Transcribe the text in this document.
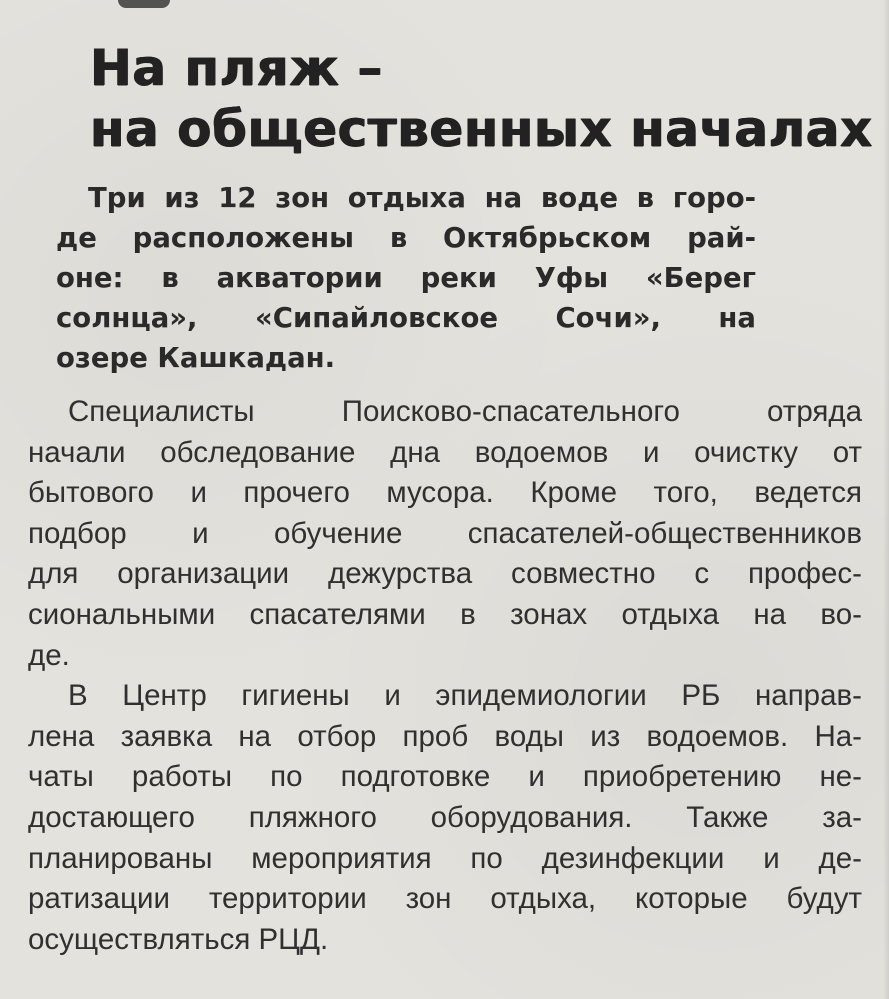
На пляж –
на общественных началах
Три из 12 зон отдыха на воде в горо-
де расположены в Октябрьском рай-
оне: в акватории реки Уфы «Берег
солнца», «Сипайловское Сочи», на
озере Кашкадан.

Специалисты Поисково-спасательного отряда
начали обследование дна водоемов и очистку от
бытового и прочего мусора. Кроме того, ведется
подбор и обучение спасателей-общественников
для организации дежурства совместно с профес-
сиональными спасателями в зонах отдыха на во-
де.

В Центр гигиены и эпидемиологии РБ направ-
лена заявка на отбор проб воды из водоемов. На-
чаты работы по подготовке и приобретению не-
достающего пляжного оборудования. Также за-
планированы мероприятия по дезинфекции и де-
ратизации территории зон отдыха, которые будут
осуществляться РЦД.
